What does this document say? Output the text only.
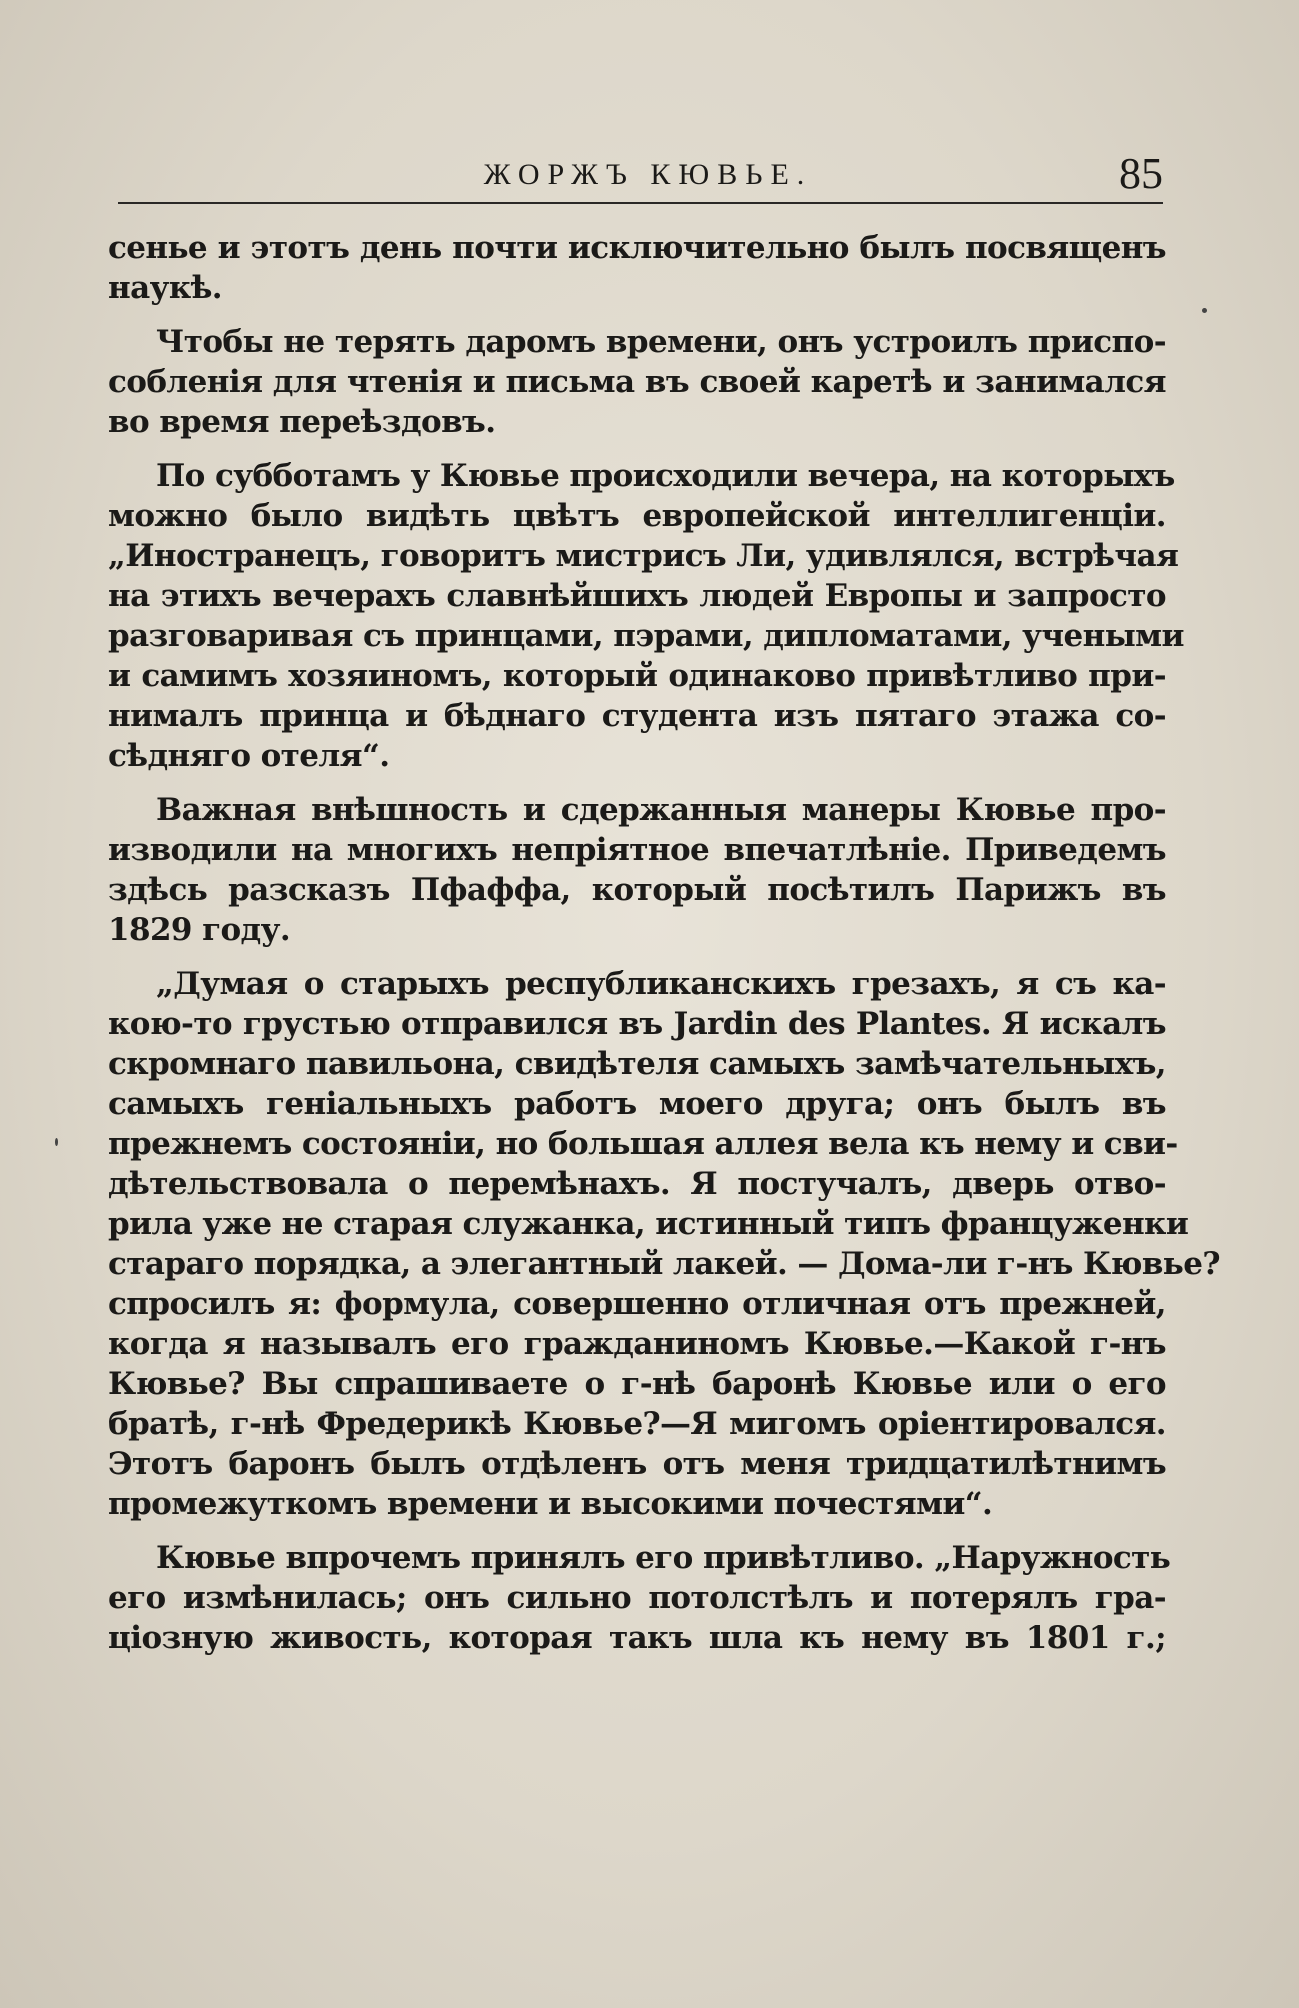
ЖОРЖЪ КЮВЬЕ.	85
сенье и этотъ день почти исключительно былъ посвященъ
наукѣ.
Чтобы не терять даромъ времени, онъ устроилъ приспо-
собленія для чтенія и письма въ своей каретѣ и занимался
во время переѣздовъ.
По субботамъ у Кювье происходили вечера, на которыхъ
можно было видѣть цвѣтъ европейской интеллигенціи.
„Иностранецъ, говоритъ мистрисъ Ли, удивлялся, встрѣчая
на этихъ вечерахъ славнѣйшихъ людей Европы и запросто
разговаривая съ принцами, пэрами, дипломатами, учеными
и самимъ хозяиномъ, который одинаково привѣтливо при-
нималъ принца и бѣднаго студента изъ пятаго этажа со-
сѣдняго отеля“.
Важная внѣшность и сдержанныя манеры Кювье про-
изводили на многихъ непріятное впечатлѣніе. Приведемъ
здѣсь разсказъ Пфаффа, который посѣтилъ Парижъ въ
1829 году.
„Думая о старыхъ республиканскихъ грезахъ, я съ ка-
кою-то грустью отправился въ Jardin des Plantes. Я искалъ
скромнаго павильона, свидѣтеля самыхъ замѣчательныхъ,
самыхъ геніальныхъ работъ моего друга; онъ былъ въ
прежнемъ состояніи, но большая аллея вела къ нему и сви-
дѣтельствовала о перемѣнахъ. Я постучалъ, дверь отво-
рила уже не старая служанка, истинный типъ француженки
стараго порядка, а элегантный лакей. — Дома-ли г-нъ Кювье?
спросилъ я: формула, совершенно отличная отъ прежней,
когда я называлъ его гражданиномъ Кювье.—Какой г-нъ
Кювье? Вы спрашиваете о г-нѣ баронѣ Кювье или о его
братѣ, г-нѣ Фредерикѣ Кювье?—Я мигомъ оріентировался.
Этотъ баронъ былъ отдѣленъ отъ меня тридцатилѣтнимъ
промежуткомъ времени и высокими почестями“.
Кювье впрочемъ принялъ его привѣтливо. „Наружность
его измѣнилась; онъ сильно потолстѣлъ и потерялъ гра-
ціозную живость, которая такъ шла къ нему въ 1801 г.;
